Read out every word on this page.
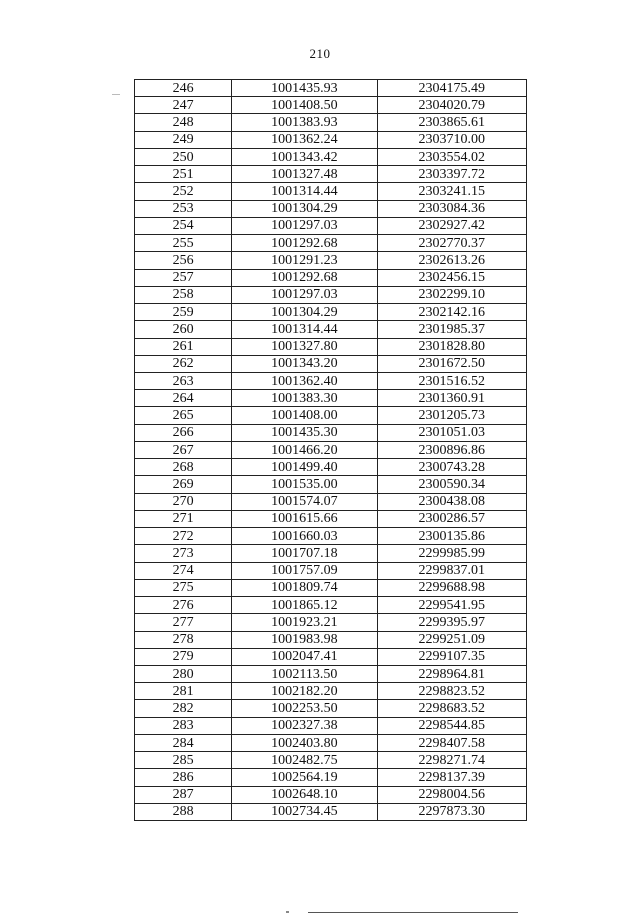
210
246	1001435.93	2304175.49
247	1001408.50	2304020.79
248	1001383.93	2303865.61
249	1001362.24	2303710.00
250	1001343.42	2303554.02
251	1001327.48	2303397.72
252	1001314.44	2303241.15
253	1001304.29	2303084.36
254	1001297.03	2302927.42
255	1001292.68	2302770.37
256	1001291.23	2302613.26
257	1001292.68	2302456.15
258	1001297.03	2302299.10
259	1001304.29	2302142.16
260	1001314.44	2301985.37
261	1001327.80	2301828.80
262	1001343.20	2301672.50
263	1001362.40	2301516.52
264	1001383.30	2301360.91
265	1001408.00	2301205.73
266	1001435.30	2301051.03
267	1001466.20	2300896.86
268	1001499.40	2300743.28
269	1001535.00	2300590.34
270	1001574.07	2300438.08
271	1001615.66	2300286.57
272	1001660.03	2300135.86
273	1001707.18	2299985.99
274	1001757.09	2299837.01
275	1001809.74	2299688.98
276	1001865.12	2299541.95
277	1001923.21	2299395.97
278	1001983.98	2299251.09
279	1002047.41	2299107.35
280	1002113.50	2298964.81
281	1002182.20	2298823.52
282	1002253.50	2298683.52
283	1002327.38	2298544.85
284	1002403.80	2298407.58
285	1002482.75	2298271.74
286	1002564.19	2298137.39
287	1002648.10	2298004.56
288	1002734.45	2297873.30
